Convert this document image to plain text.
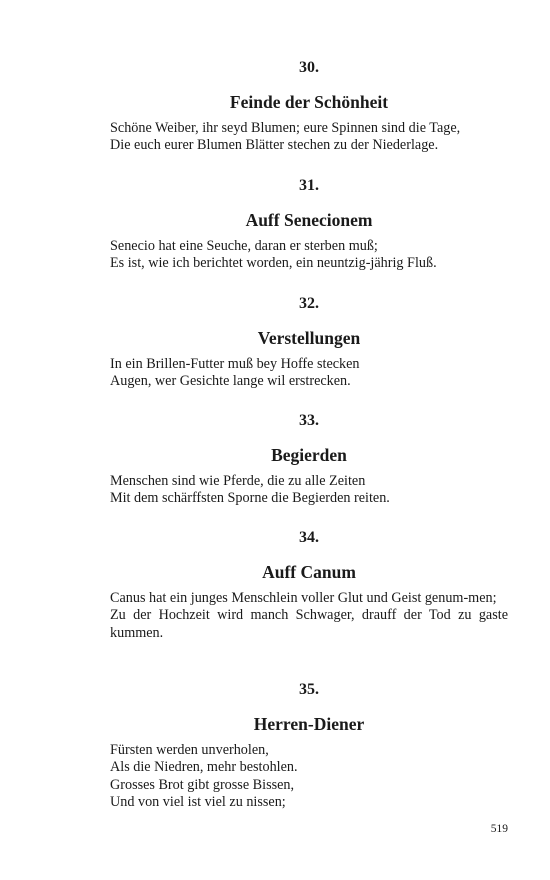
30.

Feinde der Schönheit

Schöne Weiber, ihr seyd Blumen; eure Spinnen sind die Tage,
Die euch eurer Blumen Blätter stechen zu der Niederlage.

31.

Auff Senecionem

Senecio hat eine Seuche, daran er sterben muß;
Es ist, wie ich berichtet worden, ein neuntzig-jährig Fluß.

32.

Verstellungen

In ein Brillen-Futter muß bey Hoffe stecken
Augen, wer Gesichte lange wil erstrecken.

33.

Begierden

Menschen sind wie Pferde, die zu alle Zeiten
Mit dem schärffsten Sporne die Begierden reiten.

34.

Auff Canum

Canus hat ein junges Menschlein voller Glut und Geist genum-men;
Zu der Hochzeit wird manch Schwager, drauff der Tod zu gaste kummen.

35.

Herren-Diener

Fürsten werden unverholen,
Als die Niedren, mehr bestohlen.
Grosses Brot gibt grosse Bissen,
Und von viel ist viel zu nissen;

519
